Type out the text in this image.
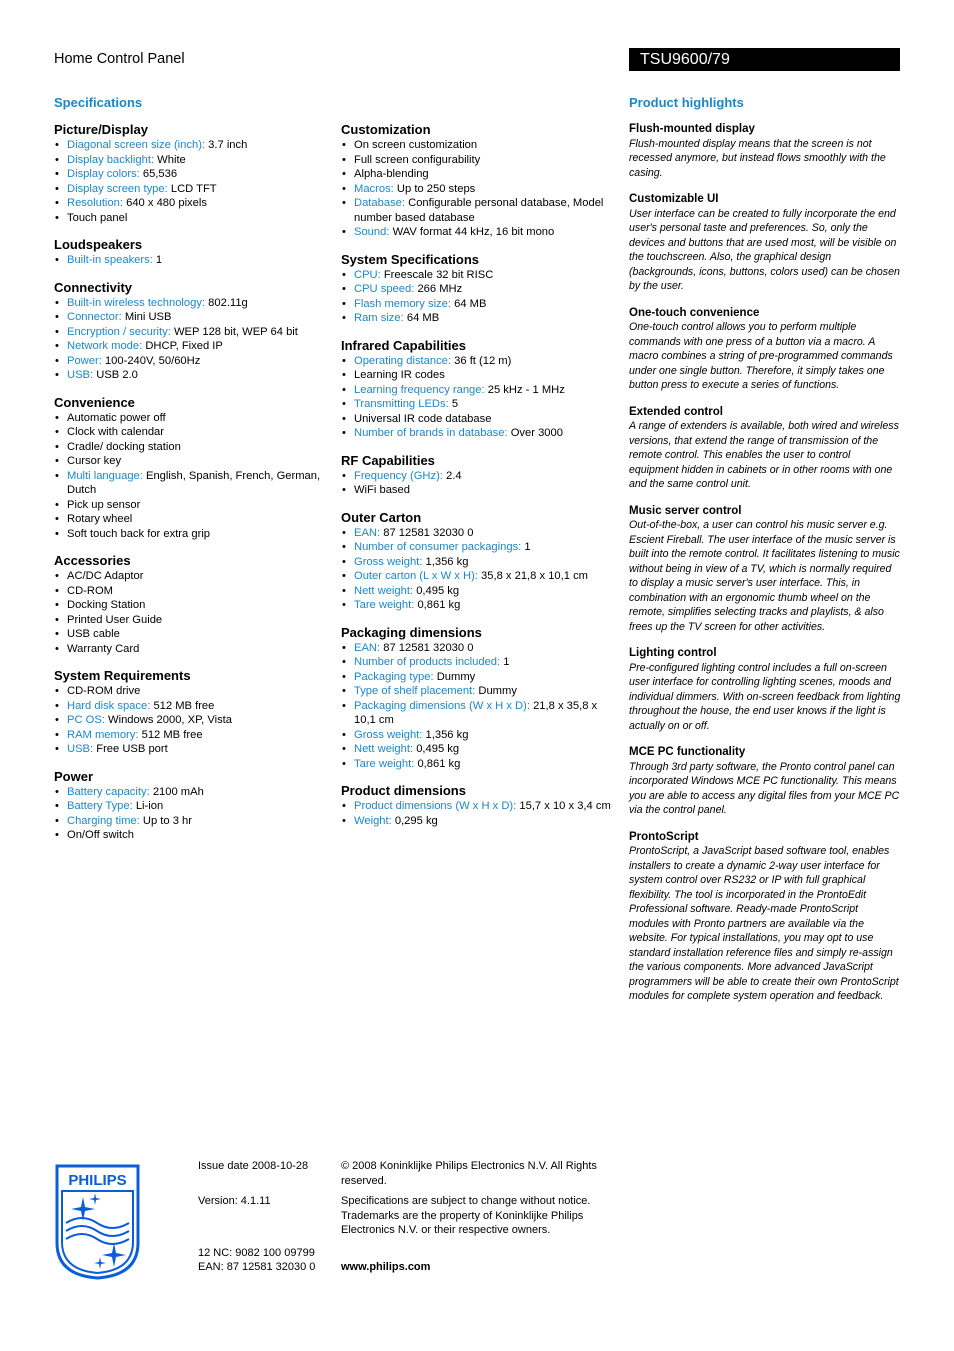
Home Control Panel	TSU9600/79
Specifications	Product highlights
Picture/Display
• Diagonal screen size (inch): 3.7 inch
• Display backlight: White
• Display colors: 65,536
• Display screen type: LCD TFT
• Resolution: 640 x 480 pixels
• Touch panel
Loudspeakers
• Built-in speakers: 1
Connectivity
• Built-in wireless technology: 802.11g
• Connector: Mini USB
• Encryption / security: WEP 128 bit, WEP 64 bit
• Network mode: DHCP, Fixed IP
• Power: 100-240V, 50/60Hz
• USB: USB 2.0
Convenience
• Automatic power off
• Clock with calendar
• Cradle/ docking station
• Cursor key
• Multi language: English, Spanish, French, German, Dutch
• Pick up sensor
• Rotary wheel
• Soft touch back for extra grip
Accessories
• AC/DC Adaptor
• CD-ROM
• Docking Station
• Printed User Guide
• USB cable
• Warranty Card
System Requirements
• CD-ROM drive
• Hard disk space: 512 MB free
• PC OS: Windows 2000, XP, Vista
• RAM memory: 512 MB free
• USB: Free USB port
Power
• Battery capacity: 2100 mAh
• Battery Type: Li-ion
• Charging time: Up to 3 hr
• On/Off switch
Customization
• On screen customization
• Full screen configurability
• Alpha-blending
• Macros: Up to 250 steps
• Database: Configurable personal database, Model number based database
• Sound: WAV format 44 kHz, 16 bit mono
System Specifications
• CPU: Freescale 32 bit RISC
• CPU speed: 266 MHz
• Flash memory size: 64 MB
• Ram size: 64 MB
Infrared Capabilities
• Operating distance: 36 ft (12 m)
• Learning IR codes
• Learning frequency range: 25 kHz - 1 MHz
• Transmitting LEDs: 5
• Universal IR code database
• Number of brands in database: Over 3000
RF Capabilities
• Frequency (GHz): 2.4
• WiFi based
Outer Carton
• EAN: 87 12581 32030 0
• Number of consumer packagings: 1
• Gross weight: 1,356 kg
• Outer carton (L x W x H): 35,8 x 21,8 x 10,1 cm
• Nett weight: 0,495 kg
• Tare weight: 0,861 kg
Packaging dimensions
• EAN: 87 12581 32030 0
• Number of products included: 1
• Packaging type: Dummy
• Type of shelf placement: Dummy
• Packaging dimensions (W x H x D): 21,8 x 35,8 x 10,1 cm
• Gross weight: 1,356 kg
• Nett weight: 0,495 kg
• Tare weight: 0,861 kg
Product dimensions
• Product dimensions (W x H x D): 15,7 x 10 x 3,4 cm
• Weight: 0,295 kg
Flush-mounted display

Flush-mounted display means that the screen is not recessed anymore, but instead flows smoothly with the casing.

Customizable UI

User interface can be created to fully incorporate the end user's personal taste and preferences. So, only the devices and buttons that are used most, will be visible on the touchscreen. Also, the graphical design (backgrounds, icons, buttons, colors used) can be chosen by the user.

One-touch convenience

One-touch control allows you to perform multiple commands with one press of a button via a macro. A macro combines a string of pre-programmed commands under one single button. Therefore, it simply takes one button press to execute a series of functions.

Extended control

A range of extenders is available, both wired and wireless versions, that extend the range of transmission of the remote control. This enables the user to control equipment hidden in cabinets or in other rooms with one and the same control unit.

Music server control

Out-of-the-box, a user can control his music server e.g. Escient Fireball. The user interface of the music server is built into the remote control. It facilitates listening to music without being in view of a TV, which is normally required to display a music server's user interface. This, in combination with an ergonomic thumb wheel on the remote, simplifies selecting tracks and playlists, & also frees up the TV screen for other activities.

Lighting control

Pre-configured lighting control includes a full on-screen user interface for controlling lighting scenes, moods and individual dimmers. With on-screen feedback from lighting throughout the house, the end user knows if the light is actually on or off.

MCE PC functionality

Through 3rd party software, the Pronto control panel can incorporated Windows MCE PC functionality. This means you are able to access any digital files from your MCE PC via the control panel.

ProntoScript

ProntoScript, a JavaScript based software tool, enables installers to create a dynamic 2-way user interface for system control over RS232 or IP with full graphical flexibility. The tool is incorporated in the ProntoEdit Professional software. Ready-made ProntoScript modules with Pronto partners are available via the website. For typical installations, you may opt to use standard installation reference files and simply re-assign the various components. More advanced JavaScript programmers will be able to create their own ProntoScript modules for complete system operation and feedback.

PHILIPS
Issue date 2008-10-28
Version: 4.1.11
12 NC: 9082 100 09799
EAN: 87 12581 32030 0
© 2008 Koninklijke Philips Electronics N.V. All Rights reserved.
Specifications are subject to change without notice. Trademarks are the property of Koninklijke Philips Electronics N.V. or their respective owners.
www.philips.com
